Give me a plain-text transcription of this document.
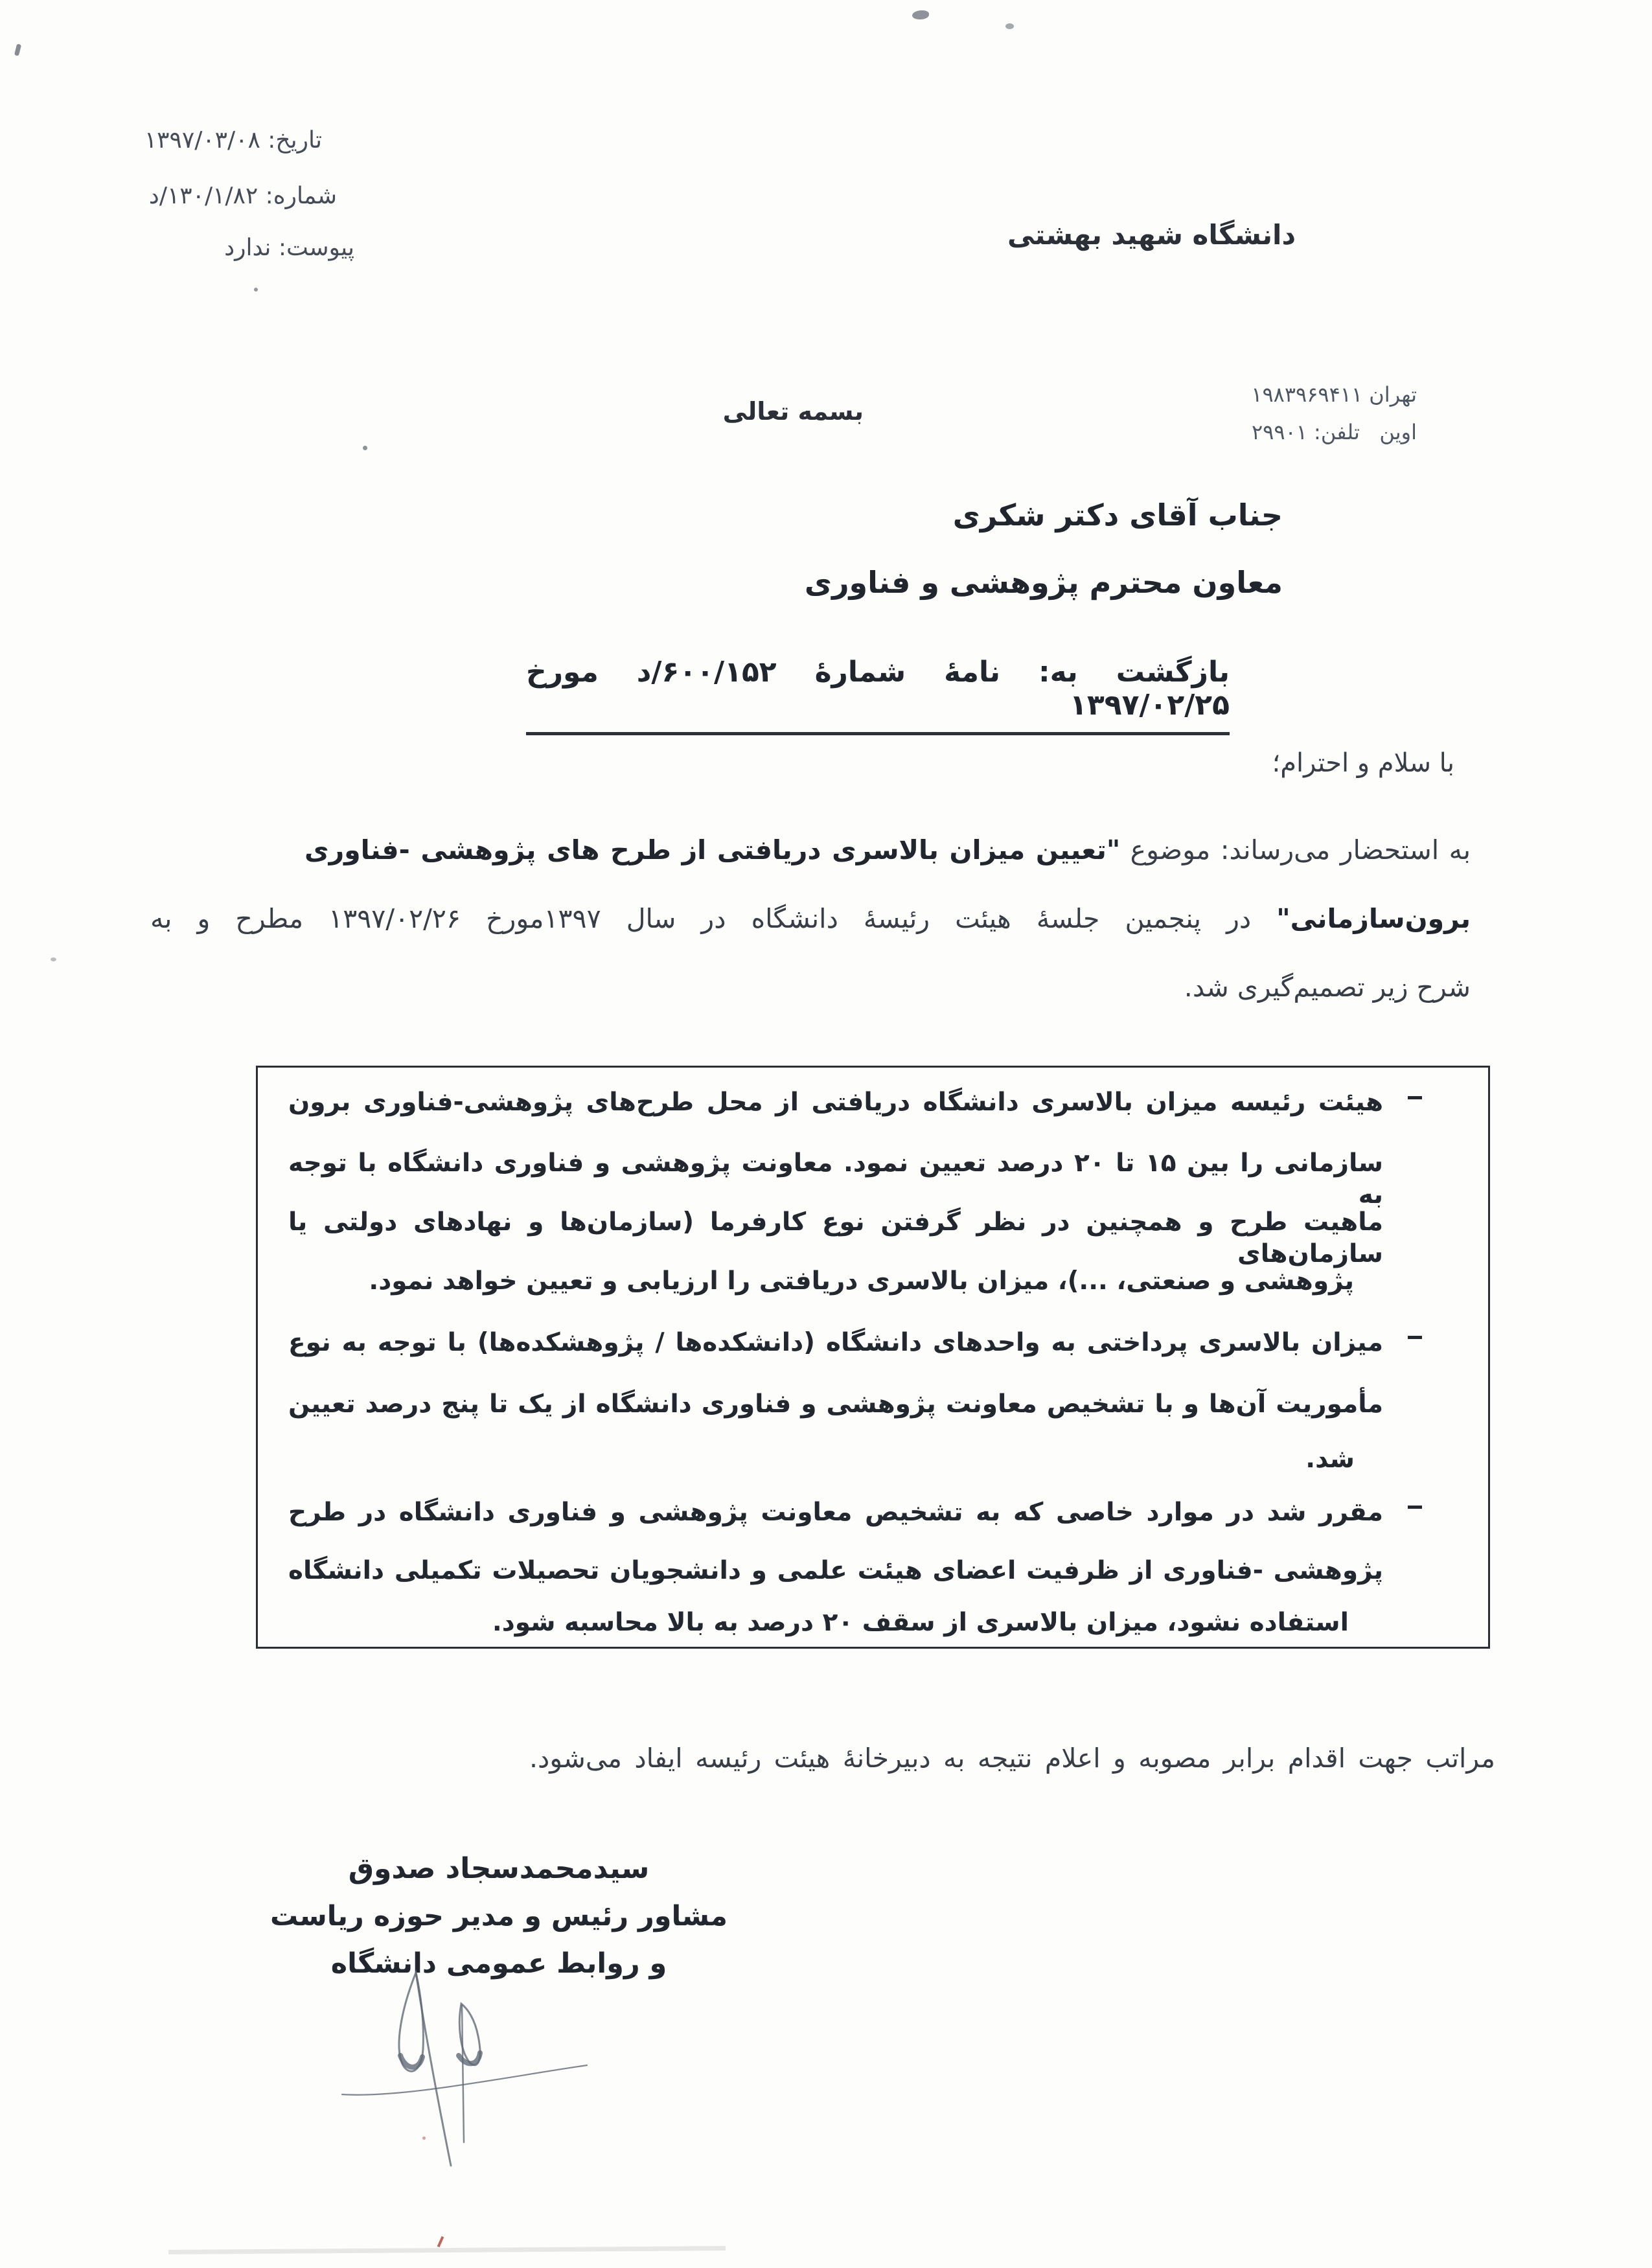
تاریخ: ۱۳۹۷/۰۳/۰۸
شماره: ۱۳۰/۱/۸۲/د
پیوست: ندارد	دانشگاه شهید بهشتی
بسمه تعالی
تهران ۱۹۸۳۹۶۹۴۱۱
اوین   تلفن: ۲۹۹۰۱
جناب آقای دکتر شکری
معاون محترم پژوهشی و فناوری
بازگشت به: نامهٔ شمارهٔ ۶۰۰/۱۵۲/د مورخ ۱۳۹۷/۰۲/۲۵
با سلام و احترام؛
به استحضار می‌رساند: موضوع "تعیین میزان بالاسری دریافتی از طرح های پژوهشی -فناوری
برون‌سازمانی" در پنجمین جلسهٔ هیئت رئیسهٔ دانشگاه در سال ۱۳۹۷مورخ ۱۳۹۷/۰۲/۲۶ مطرح و به
شرح زیر تصمیم‌گیری شد.
هیئت رئیسه میزان بالاسری دانشگاه دریافتی از محل طرح‌های پژوهشی-فناوری برون
سازمانی را بین ۱۵ تا ۲۰ درصد تعیین نمود. معاونت پژوهشی و فناوری دانشگاه با توجه به
ماهیت طرح و همچنین در نظر گرفتن نوع کارفرما (سازمان‌ها و نهادهای دولتی یا سازمان‌های
پژوهشی و صنعتی، ...)، میزان بالاسری دریافتی را ارزیابی و تعیین خواهد نمود.
میزان بالاسری پرداختی به واحدهای دانشگاه (دانشکده‌ها / پژوهشکده‌ها) با توجه به نوع
مأموریت آن‌ها و با تشخیص معاونت پژوهشی و فناوری دانشگاه از یک تا پنج درصد تعیین
شد.
مقرر شد در موارد خاصی که به تشخیص معاونت پژوهشی و فناوری دانشگاه در طرح
پژوهشی -فناوری از ظرفیت اعضای هیئت علمی و دانشجویان تحصیلات تکمیلی دانشگاه
استفاده نشود، میزان بالاسری از سقف ۲۰ درصد به بالا محاسبه شود.
مراتب جهت اقدام برابر مصوبه و اعلام نتیجه به دبیرخانهٔ هیئت رئیسه ایفاد می‌شود.
سیدمحمدسجاد صدوق
مشاور رئیس و مدیر حوزه ریاست
و روابط عمومی دانشگاه
